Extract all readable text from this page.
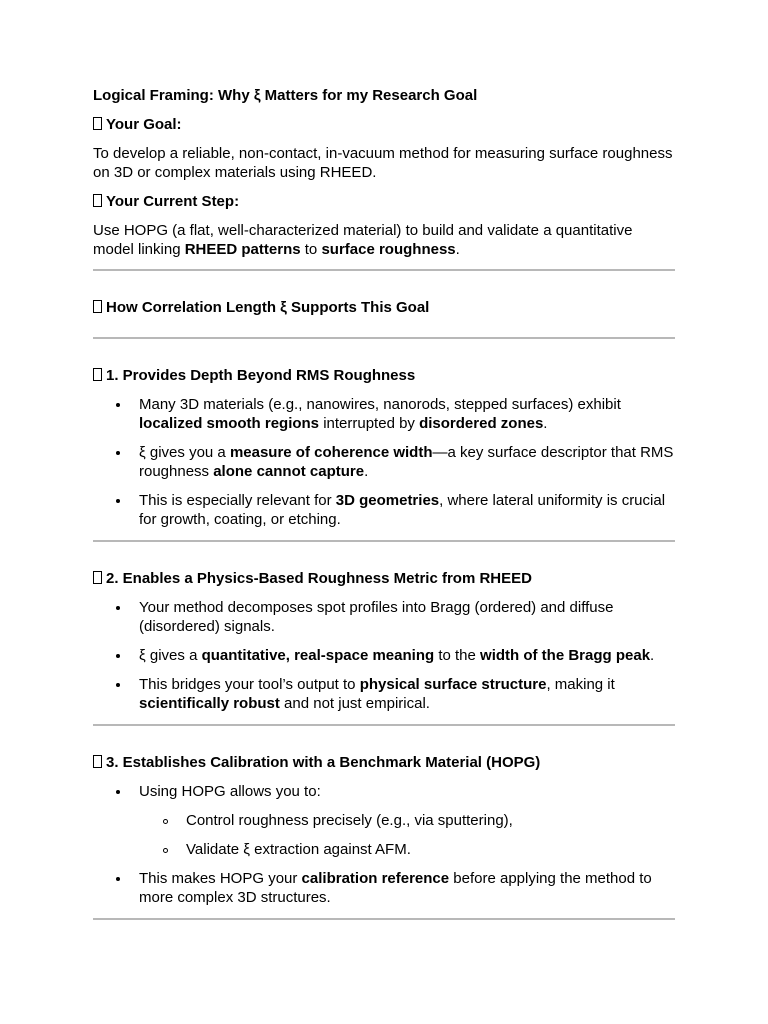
Logical Framing: Why ξ Matters for my Research Goal

Your Goal:

To develop a reliable, non-contact, in-vacuum method for measuring surface roughness on 3D or complex materials using RHEED.

Your Current Step:

Use HOPG (a flat, well-characterized material) to build and validate a quantitative model linking RHEED patterns to surface roughness.

How Correlation Length ξ Supports This Goal

1. Provides Depth Beyond RMS Roughness

Many 3D materials (e.g., nanowires, nanorods, stepped surfaces) exhibit localized smooth regions interrupted by disordered zones.
ξ gives you a measure of coherence width—a key surface descriptor that RMS roughness alone cannot capture.
This is especially relevant for 3D geometries, where lateral uniformity is crucial for growth, coating, or etching.

2. Enables a Physics-Based Roughness Metric from RHEED

Your method decomposes spot profiles into Bragg (ordered) and diffuse (disordered) signals.
ξ gives a quantitative, real-space meaning to the width of the Bragg peak.
This bridges your tool’s output to physical surface structure, making it scientifically robust and not just empirical.

3. Establishes Calibration with a Benchmark Material (HOPG)

Using HOPG allows you to:
Control roughness precisely (e.g., via sputtering),
Validate ξ extraction against AFM.
This makes HOPG your calibration reference before applying the method to more complex 3D structures.
